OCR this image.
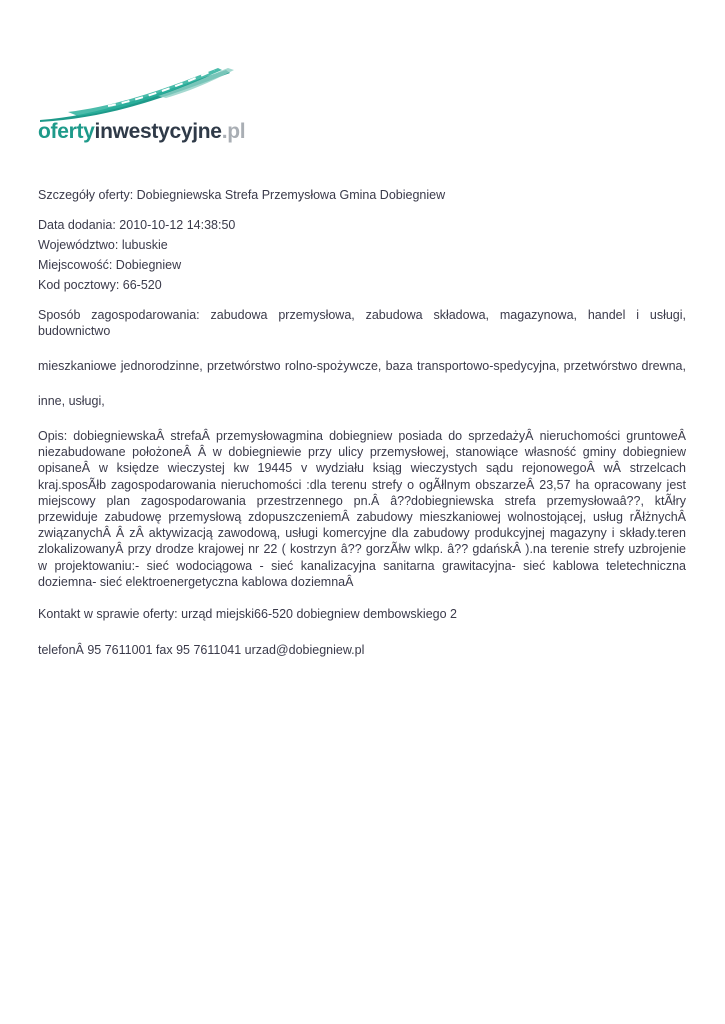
ofertyinwestycyjne.pl

Szczegóły oferty: Dobiegniewska Strefa Przemysłowa Gmina Dobiegniew

Data dodania: 2010-10-12 14:38:50

Województwo: lubuskie

Miejscowość: Dobiegniew

Kod pocztowy: 66-520

Sposób zagospodarowania: zabudowa przemysłowa, zabudowa składowa, magazynowa, handel i usługi, budownictwo
mieszkaniowe jednorodzinne, przetwórstwo rolno-spożywcze, baza transportowo-spedycyjna, przetwórstwo drewna,
inne, usługi,

Opis: dobiegniewskaÂ strefaÂ przemysłowagmina dobiegniew posiada do sprzedażyÂ nieruchomości gruntoweÂ niezabudowane położoneÂ Â w dobiegniewie przy ulicy przemysłowej, stanowiące własność gminy dobiegniew opisaneÂ w księdze wieczystej kw 19445 v wydziału ksiąg wieczystych sądu rejonowegoÂ wÂ strzelcach kraj.sposÃłb zagospodarowania nieruchomości :dla terenu strefy o ogÃłlnym obszarzeÂ 23,57 ha opracowany jest miejscowy plan zagospodarowania przestrzennego pn.Â â??dobiegniewska strefa przemysłowaâ??, ktÃłry przewiduje zabudowę przemysłową zdopuszczeniemÂ zabudowy mieszkaniowej wolnostojącej, usług rÃłżnychÂ związanychÂ Â zÂ aktywizacją zawodową, usługi komercyjne dla zabudowy produkcyjnej magazyny i składy.teren zlokalizowanyÂ przy drodze krajowej nr 22 ( kostrzyn â?? gorzÃłw wlkp. â?? gdańskÂ ).na terenie strefy uzbrojenie w projektowaniu:- sieć wodociągowa - sieć kanalizacyjna sanitarna grawitacyjna- sieć kablowa teletechniczna doziemna- sieć elektroenergetyczna kablowa doziemnaÂ

Kontakt w sprawie oferty: urząd miejski66-520 dobiegniew dembowskiego 2

telefonÂ 95 7611001 fax 95 7611041 urzad@dobiegniew.pl
